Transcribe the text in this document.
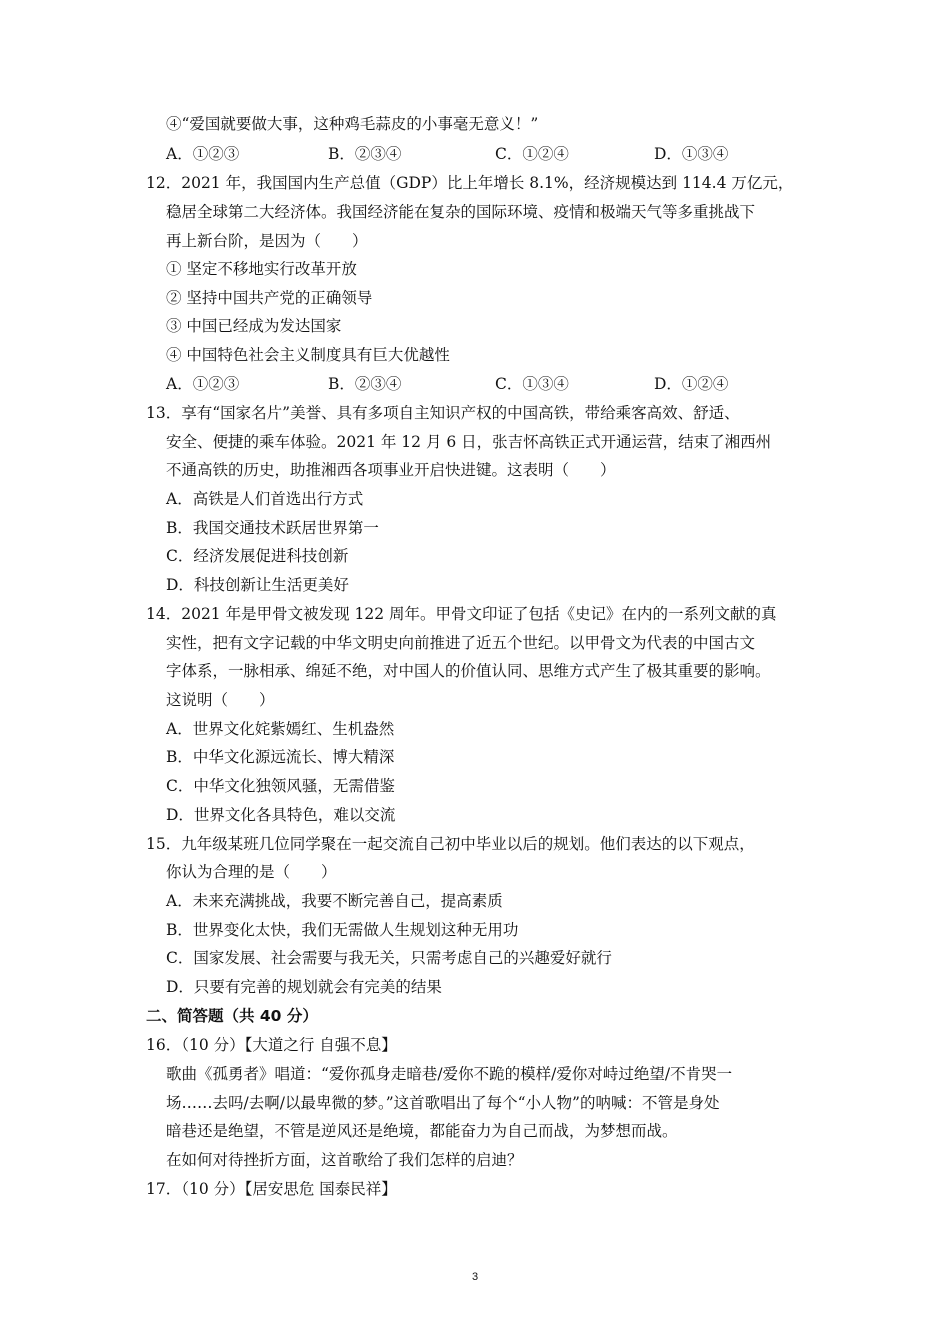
④“爱国就要做大事，这种鸡毛蒜皮的小事毫无意义！”
A．①②③	B．②③④	C．①②④	D．①③④
12．2021 年，我国国内生产总值（GDP）比上年增长 8.1%，经济规模达到 114.4 万亿元，
稳居全球第二大经济体。我国经济能在复杂的国际环境、疫情和极端天气等多重挑战下
再上新台阶，是因为（　　）
① 坚定不移地实行改革开放
② 坚持中国共产党的正确领导
③ 中国已经成为发达国家
④ 中国特色社会主义制度具有巨大优越性
A．①②③	B．②③④	C．①③④	D．①②④
13．享有“国家名片”美誉、具有多项自主知识产权的中国高铁，带给乘客高效、舒适、
安全、便捷的乘车体验。2021 年 12 月 6 日，张吉怀高铁正式开通运营，结束了湘西州
不通高铁的历史，助推湘西各项事业开启快进键。这表明（　　）
A．高铁是人们首选出行方式
B．我国交通技术跃居世界第一
C．经济发展促进科技创新
D．科技创新让生活更美好
14．2021 年是甲骨文被发现 122 周年。甲骨文印证了包括《史记》在内的一系列文献的真
实性，把有文字记载的中华文明史向前推进了近五个世纪。以甲骨文为代表的中国古文
字体系，一脉相承、绵延不绝，对中国人的价值认同、思维方式产生了极其重要的影响。
这说明（　　）
A．世界文化姹紫嫣红、生机盎然
B．中华文化源远流长、博大精深
C．中华文化独领风骚，无需借鉴
D．世界文化各具特色，难以交流
15．九年级某班几位同学聚在一起交流自己初中毕业以后的规划。他们表达的以下观点，
你认为合理的是（　　）
A．未来充满挑战，我要不断完善自己，提高素质
B．世界变化太快，我们无需做人生规划这种无用功
C．国家发展、社会需要与我无关，只需考虑自己的兴趣爱好就行
D．只要有完善的规划就会有完美的结果
二、简答题（共 40 分）
16．（10 分）【大道之行 自强不息】
歌曲《孤勇者》唱道：“爱你孤身走暗巷/爱你不跪的模样/爱你对峙过绝望/不肯哭一
场……去吗/去啊/以最卑微的梦。”这首歌唱出了每个“小人物”的呐喊：不管是身处
暗巷还是绝望，不管是逆风还是绝境，都能奋力为自己而战，为梦想而战。
在如何对待挫折方面，这首歌给了我们怎样的启迪？
17．（10 分）【居安思危 国泰民祥】
3
